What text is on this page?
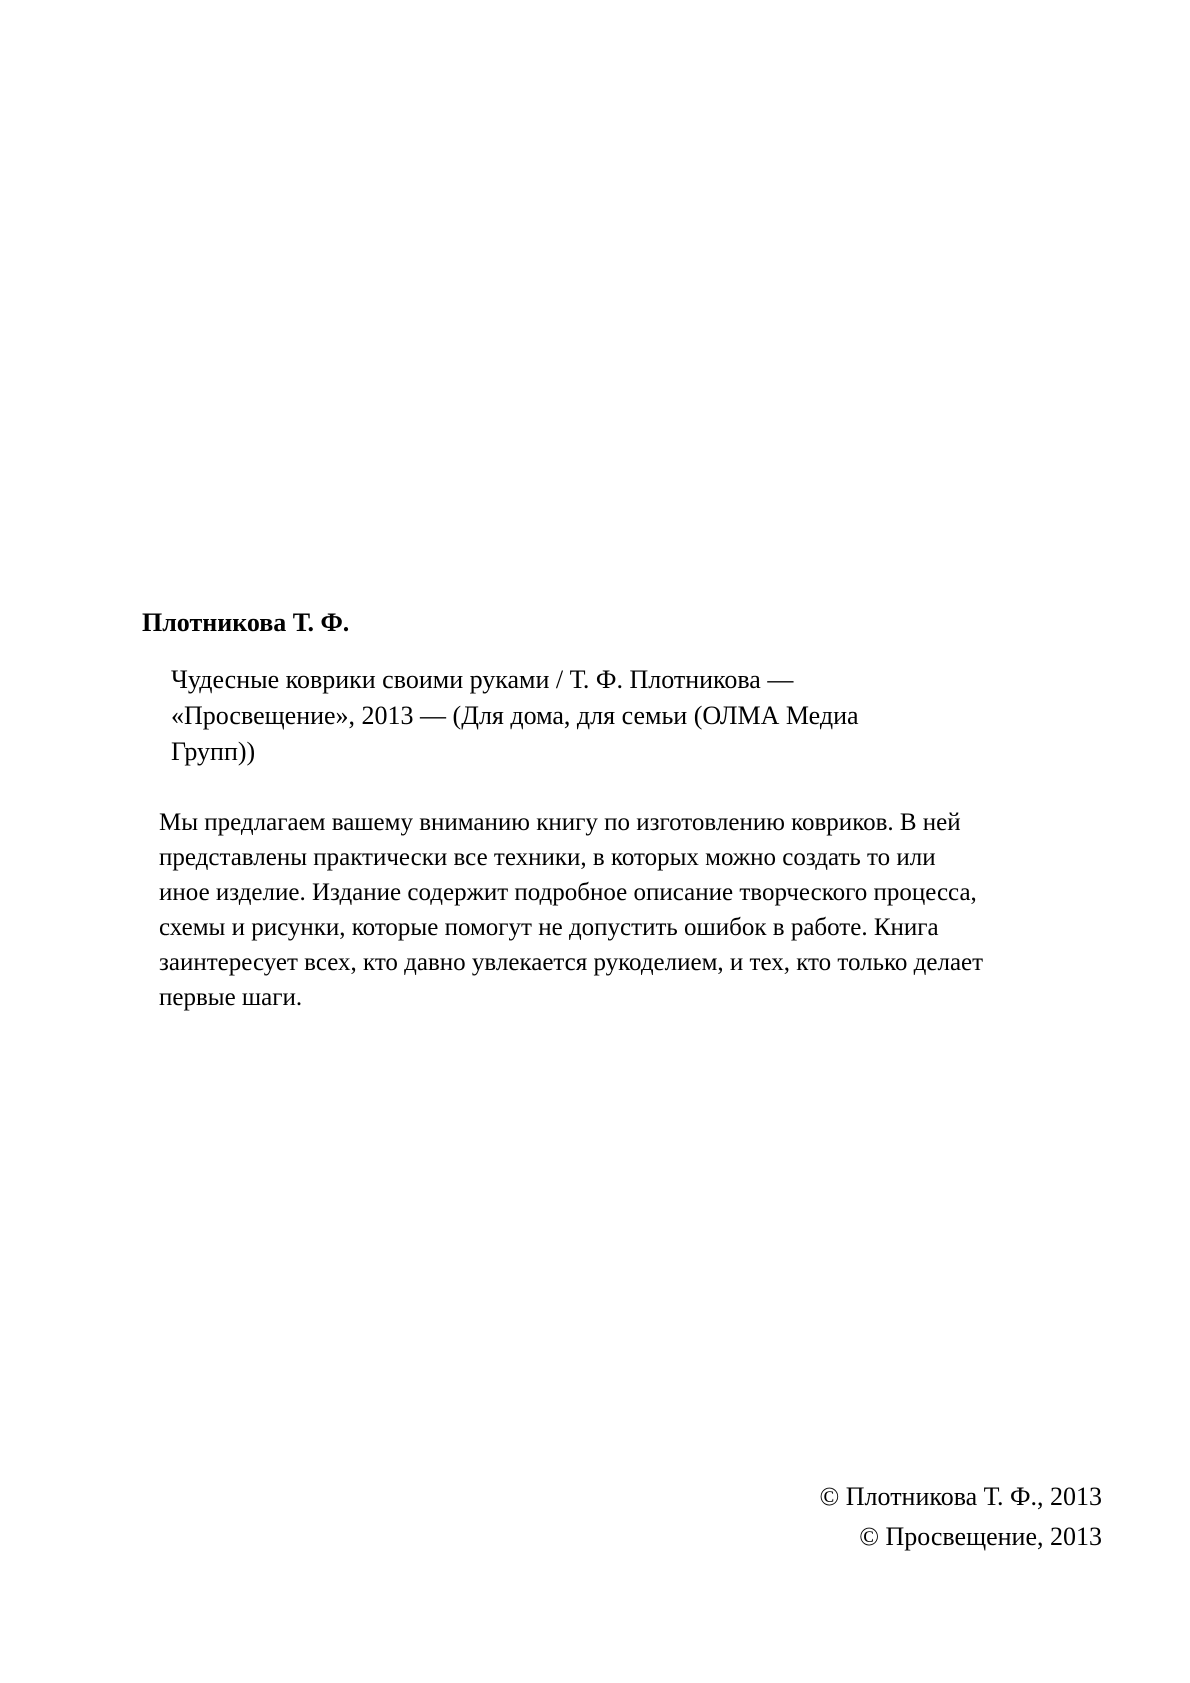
Плотникова Т. Ф.

Чудесные коврики своими руками / Т. Ф. Плотникова —
«Просвещение», 2013 — (Для дома, для семьи (ОЛМА Медиа
Групп))

Мы предлагаем вашему вниманию книгу по изготовлению ковриков. В ней
представлены практически все техники, в которых можно создать то или
иное изделие. Издание содержит подробное описание творческого процесса,
схемы и рисунки, которые помогут не допустить ошибок в работе. Книга
заинтересует всех, кто давно увлекается рукоделием, и тех, кто только делает
первые шаги.

© Плотникова Т. Ф., 2013
© Просвещение, 2013
